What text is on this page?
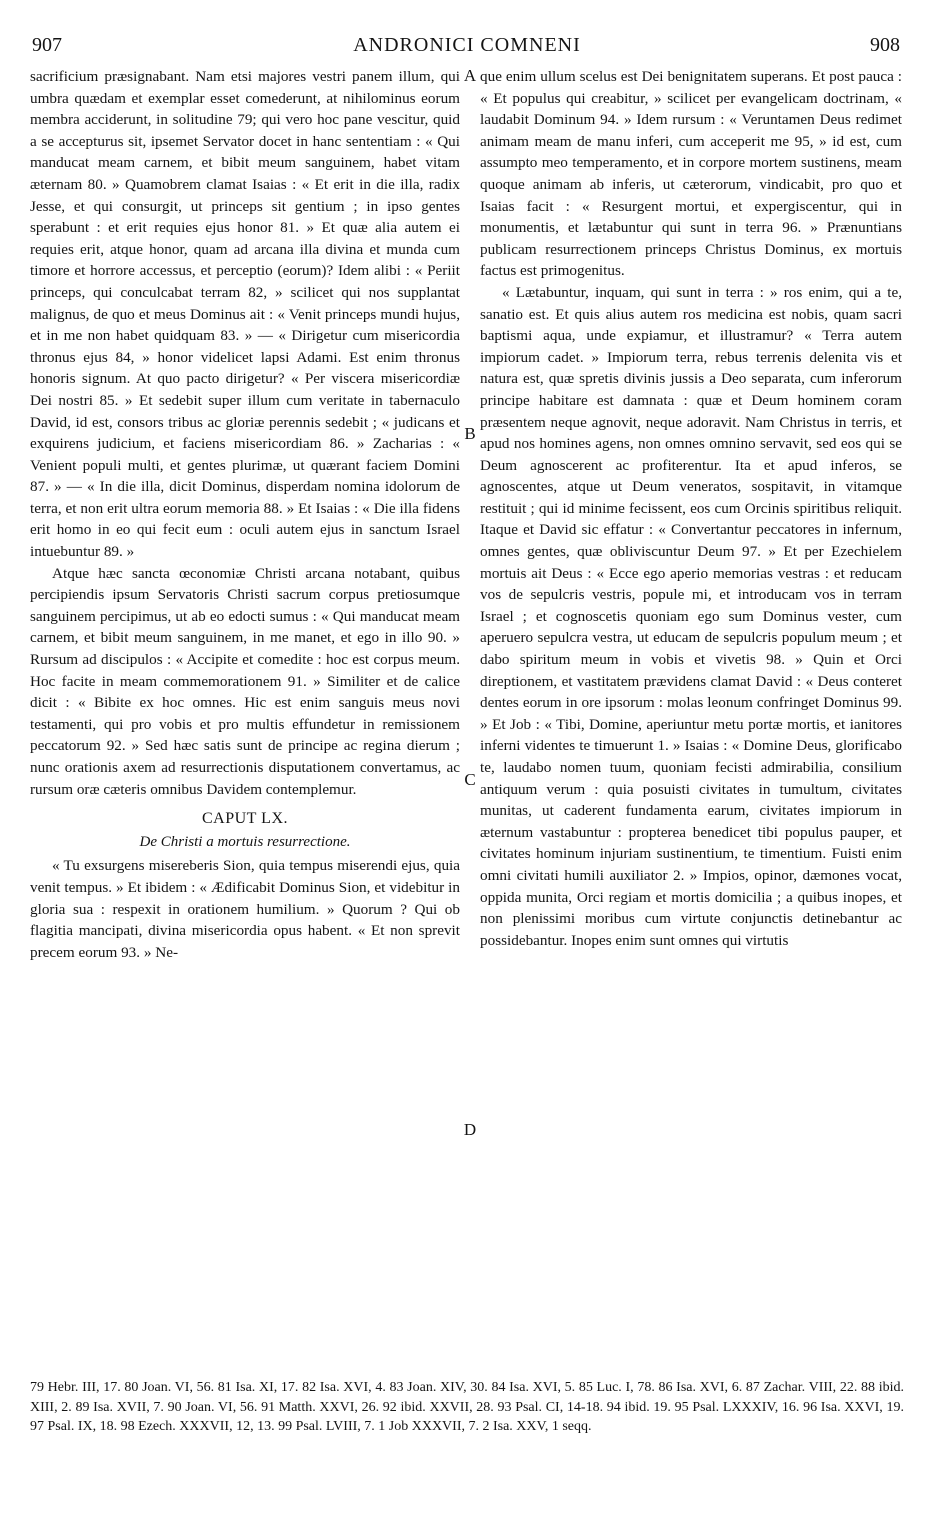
907	ANDRONICI COMNENI	908

sacrificium præsignabant. Nam etsi majores vestri panem illum, qui umbra quædam et exemplar esset comederunt, at nihilominus eorum membra acciderunt, in solitudine 79; qui vero hoc pane vescitur, quid a se accepturus sit, ipsemet Servator docet in hanc sententiam : « Qui manducat meam carnem, et bibit meum sanguinem, habet vitam æternam 80. » Quamobrem clamat Isaias : « Et erit in die illa, radix Jesse, et qui consurgit, ut princeps sit gentium ; in ipso gentes sperabunt : et erit requies ejus honor 81. » Et quæ alia autem ei requies erit, atque honor, quam ad arcana illa divina et munda cum timore et horrore accessus, et perceptio (eorum)? Idem alibi : « Periit princeps, qui conculcabat terram 82, » scilicet qui nos supplantat malignus, de quo et meus Dominus ait : « Venit princeps mundi hujus, et in me non habet quidquam 83. » — « Dirigetur cum misericordia thronus ejus 84, » honor videlicet lapsi Adami. Est enim thronus honoris signum. At quo pacto dirigetur? « Per viscera misericordiæ Dei nostri 85. » Et sedebit super illum cum veritate in tabernaculo David, id est, consors tribus ac gloriæ perennis sedebit ; « judicans et exquirens judicium, et faciens misericordiam 86. » Zacharias : « Venient populi multi, et gentes plurimæ, ut quærant faciem Domini 87. » — « In die illa, dicit Dominus, disperdam nomina idolorum de terra, et non erit ultra eorum memoria 88. » Et Isaias : « Die illa fidens erit homo in eo qui fecit eum : oculi autem ejus in sanctum Israel intuebuntur 89. »

Atque hæc sancta œconomiæ Christi arcana notabant, quibus percipiendis ipsum Servatoris Christi sacrum corpus pretiosumque sanguinem percipimus, ut ab eo edocti sumus : « Qui manducat meam carnem, et bibit meum sanguinem, in me manet, et ego in illo 90. » Rursum ad discipulos : « Accipite et comedite : hoc est corpus meum. Hoc facite in meam commemorationem 91. » Similiter et de calice dicit : « Bibite ex hoc omnes. Hic est enim sanguis meus novi testamenti, qui pro vobis et pro multis effundetur in remissionem peccatorum 92. » Sed hæc satis sunt de principe ac regina dierum ; nunc orationis axem ad resurrectionis disputationem convertamus, ac rursum oræ cæteris omnibus Davidem contemplemur.

CAPUT LX.

De Christi a mortuis resurrectione.

« Tu exsurgens misereberis Sion, quia tempus miserendi ejus, quia venit tempus. » Et ibidem : « Ædificabit Dominus Sion, et videbitur in gloria sua : respexit in orationem humilium. » Quorum ? Qui ob flagitia mancipati, divina misericordia opus habent. « Et non sprevit precem eorum 93. » Ne-

que enim ullum scelus est Dei benignitatem superans. Et post pauca : « Et populus qui creabitur, » scilicet per evangelicam doctrinam, « laudabit Dominum 94. » Idem rursum : « Veruntamen Deus redimet animam meam de manu inferi, cum acceperit me 95, » id est, cum assumpto meo temperamento, et in corpore mortem sustinens, meam quoque animam ab inferis, ut cæterorum, vindicabit, pro quo et Isaias facit : « Resurgent mortui, et expergiscentur, qui in monumentis, et lætabuntur qui sunt in terra 96. » Prænuntians publicam resurrectionem princeps Christus Dominus, ex mortuis factus est primogenitus.

« Lætabuntur, inquam, qui sunt in terra : » ros enim, qui a te, sanatio est. Et quis alius autem ros medicina est nobis, quam sacri baptismi aqua, unde expiamur, et illustramur? « Terra autem impiorum cadet. » Impiorum terra, rebus terrenis delenita vis et natura est, quæ spretis divinis jussis a Deo separata, cum inferorum principe habitare est damnata : quæ et Deum hominem coram præsentem neque agnovit, neque adoravit. Nam Christus in terris, et apud nos homines agens, non omnes omnino servavit, sed eos qui se Deum agnoscerent ac profiterentur. Ita et apud inferos, se agnoscentes, atque ut Deum veneratos, sospitavit, in vitamque restituit ; qui id minime fecissent, eos cum Orcinis spiritibus reliquit. Itaque et David sic effatur : « Convertantur peccatores in infernum, omnes gentes, quæ obliviscuntur Deum 97. » Et per Ezechielem mortuis ait Deus : « Ecce ego aperio memorias vestras : et reducam vos de sepulcris vestris, popule mi, et introducam vos in terram Israel ; et cognoscetis quoniam ego sum Dominus vester, cum aperuero sepulcra vestra, ut educam de sepulcris populum meum ; et dabo spiritum meum in vobis et vivetis 98. » Quin et Orci direptionem, et vastitatem prævidens clamat David : « Deus conteret dentes eorum in ore ipsorum : molas leonum confringet Dominus 99. » Et Job : « Tibi, Domine, aperiuntur metu portæ mortis, et ianitores inferni videntes te timuerunt 1. » Isaias : « Domine Deus, glorificabo te, laudabo nomen tuum, quoniam fecisti admirabilia, consilium antiquum verum : quia posuisti civitates in tumultum, civitates munitas, ut caderent fundamenta earum, civitates impiorum in æternum vastabuntur : propterea benedicet tibi populus pauper, et civitates hominum injuriam sustinentium, te timentium. Fuisti enim omni civitati humili auxiliator 2. » Impios, opinor, dæmones vocat, oppida munita, Orci regiam et mortis domicilia ; a quibus inopes, et non plenissimi moribus cum virtute conjunctis detinebantur ac possidebantur. Inopes enim sunt omnes qui virtutis

A
B
C
D

79 Hebr. III, 17. 80 Joan. VI, 56. 81 Isa. XI, 17. 82 Isa. XVI, 4. 83 Joan. XIV, 30. 84 Isa. XVI, 5. 85 Luc. I, 78. 86 Isa. XVI, 6. 87 Zachar. VIII, 22. 88 ibid. XIII, 2. 89 Isa. XVII, 7. 90 Joan. VI, 56. 91 Matth. XXVI, 26. 92 ibid. XXVII, 28. 93 Psal. CI, 14-18. 94 ibid. 19. 95 Psal. LXXXIV, 16. 96 Isa. XXVI, 19. 97 Psal. IX, 18. 98 Ezech. XXXVII, 12, 13. 99 Psal. LVIII, 7. 1 Job XXXVII, 7. 2 Isa. XXV, 1 seqq.
